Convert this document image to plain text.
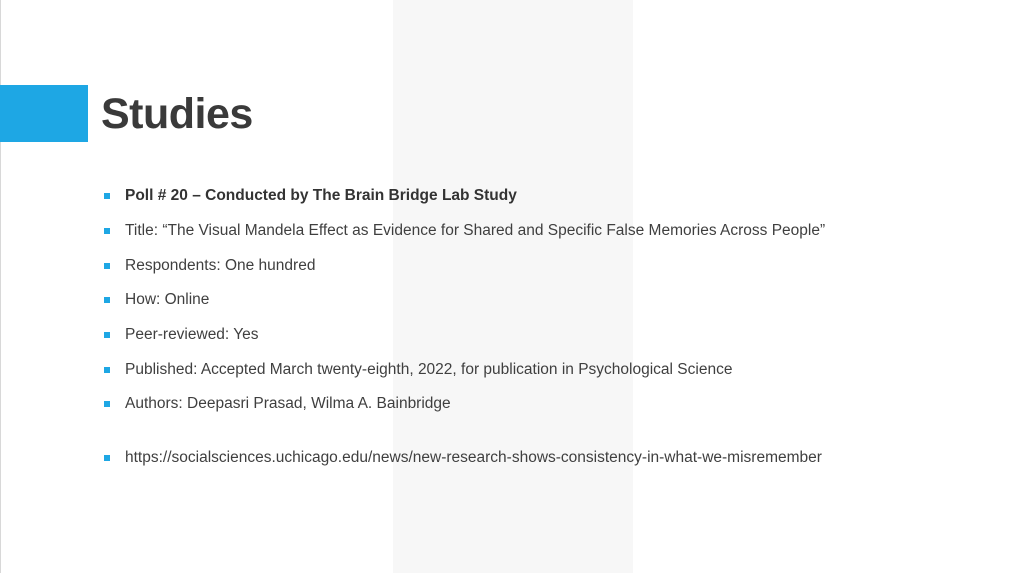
Studies
Poll # 20 – Conducted by The Brain Bridge Lab Study
Title: “The Visual Mandela Effect as Evidence for Shared and Specific False Memories Across People”
Respondents: One hundred
How: Online
Peer-reviewed: Yes
Published: Accepted March twenty-eighth, 2022, for publication in Psychological Science
Authors: Deepasri Prasad, Wilma A. Bainbridge
https://socialsciences.uchicago.edu/news/new-research-shows-consistency-in-what-we-misremember
